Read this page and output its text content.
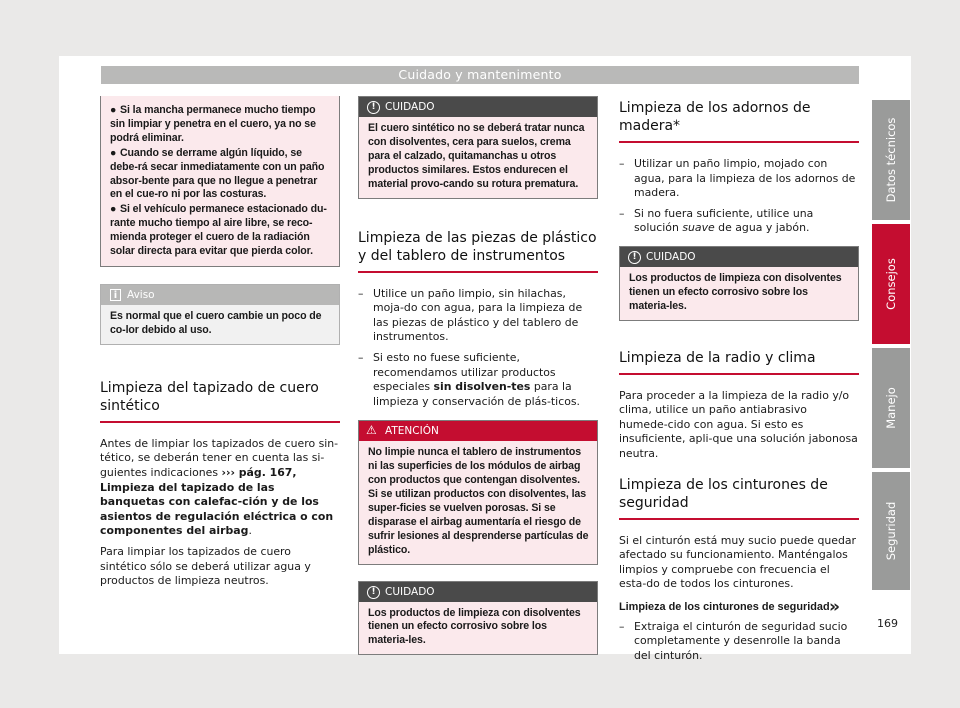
Cuidado y mantenimento
● Si la mancha permanece mucho tiempo sin limpiar y penetra en el cuero, ya no se podrá eliminar.
● Cuando se derrame algún líquido, se debe-rá secar inmediatamente con un paño absor-bente para que no llegue a penetrar en el cue-ro ni por las costuras.
● Si el vehículo permanece estacionado du-rante mucho tiempo al aire libre, se reco-mienda proteger el cuero de la radiación solar directa para evitar que pierda color.
i Aviso
Es normal que el cuero cambie un poco de co-lor debido al uso.
Limpieza del tapizado de cuero sintético

Antes de limpiar los tapizados de cuero sin-tético, se deberán tener en cuenta las si-guientes indicaciones ››› pág. 167, Limpieza del tapizado de las banquetas con calefac-ción y de los asientos de regulación eléctrica o con componentes del airbag.

Para limpiar los tapizados de cuero sintético sólo se deberá utilizar agua y productos de limpieza neutros.

! CUIDADO
El cuero sintético no se deberá tratar nunca con disolventes, cera para suelos, crema para el calzado, quitamanchas u otros productos similares. Estos endurecen el material provo-cando su rotura prematura.
Limpieza de las piezas de plástico y del tablero de instrumentos
– Utilice un paño limpio, sin hilachas, moja-do con agua, para la limpieza de las piezas de plástico y del tablero de instrumentos.
– Si esto no fuese suficiente, recomendamos utilizar productos especiales sin disolven-tes para la limpieza y conservación de plás-ticos.
⚠ ATENCIÓN
No limpie nunca el tablero de instrumentos ni las superficies de los módulos de airbag con productos que contengan disolventes. Si se utilizan productos con disolventes, las super-ficies se vuelven porosas. Si se disparase el airbag aumentaría el riesgo de sufrir lesiones al desprenderse partículas de plástico.
! CUIDADO
Los productos de limpieza con disolventes tienen un efecto corrosivo sobre los materia-les.
Limpieza de los adornos de madera*
– Utilizar un paño limpio, mojado con agua, para la limpieza de los adornos de madera.
– Si no fuera suficiente, utilice una solución suave de agua y jabón.
! CUIDADO
Los productos de limpieza con disolventes tienen un efecto corrosivo sobre los materia-les.
Limpieza de la radio y clima

Para proceder a la limpieza de la radio y/o clima, utilice un paño antiabrasivo humede-cido con agua. Si esto es insuficiente, apli-que una solución jabonosa neutra.

Limpieza de los cinturones de seguridad

Si el cinturón está muy sucio puede quedar afectado su funcionamiento. Manténgalos limpios y compruebe con frecuencia el esta-do de todos los cinturones.

Limpieza de los cinturones de seguridad

– Extraiga el cinturón de seguridad sucio completamente y desenrolle la banda del cinturón.
Datos técnicos
Consejos
Manejo
Seguridad
»
169
